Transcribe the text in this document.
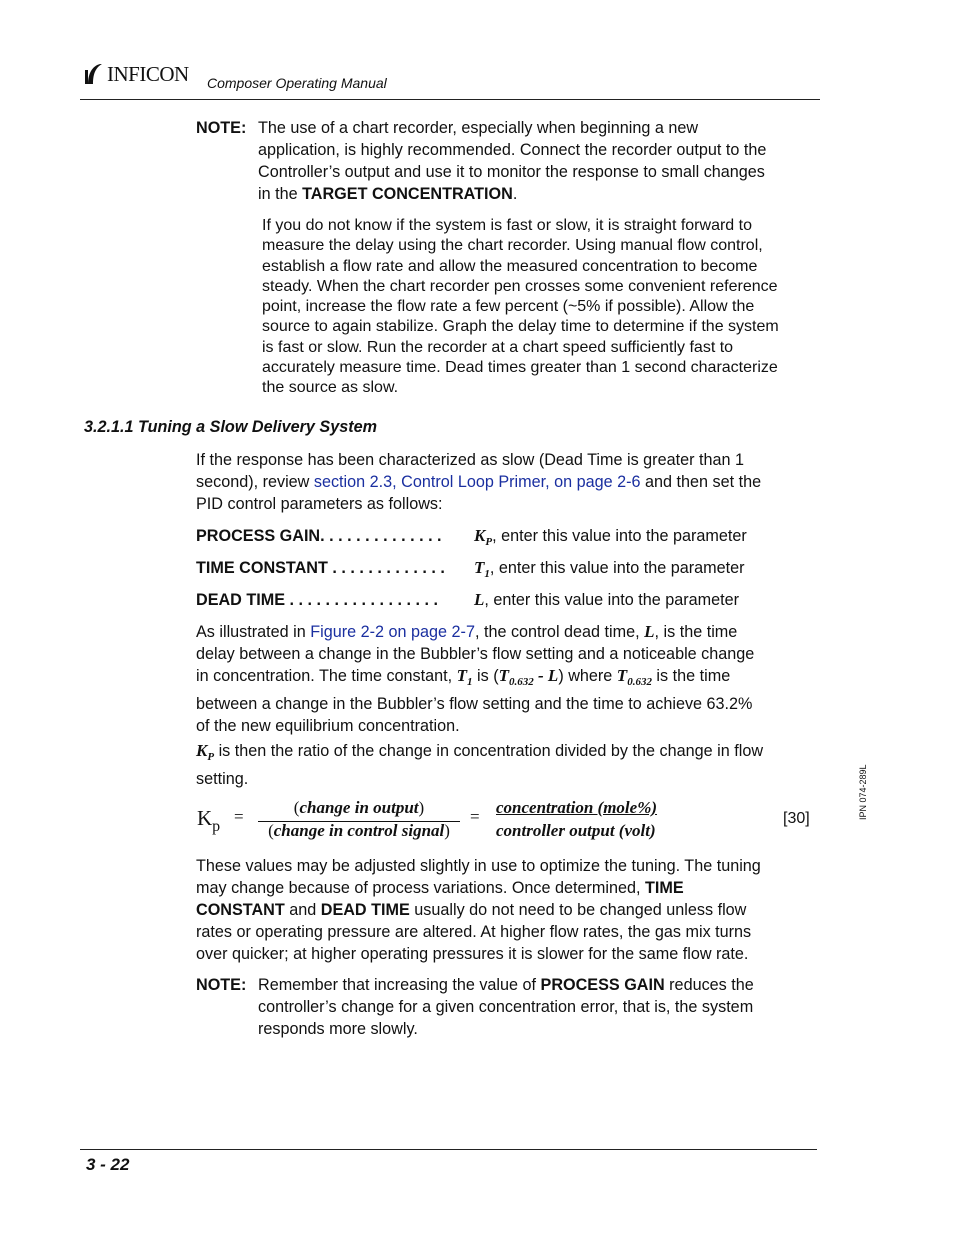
INFICON Composer Operating Manual
NOTE: The use of a chart recorder, especially when beginning a new
application, is highly recommended. Connect the recorder output to the
Controller’s output and use it to monitor the response to small changes
in the TARGET CONCENTRATION.
If you do not know if the system is fast or slow, it is straight forward to
measure the delay using the chart recorder. Using manual flow control,
establish a flow rate and allow the measured concentration to become
steady. When the chart recorder pen crosses some convenient reference
point, increase the flow rate a few percent (~5% if possible). Allow the
source to again stabilize. Graph the delay time to determine if the system
is fast or slow. Run the recorder at a chart speed sufficiently fast to
accurately measure time. Dead times greater than 1 second characterize
the source as slow.
3.2.1.1 Tuning a Slow Delivery System
If the response has been characterized as slow (Dead Time is greater than 1
second), review section 2.3, Control Loop Primer, on page 2-6 and then set the
PID control parameters as follows:
PROCESS GAIN. . . . . . . . . . . . . . $K_P$, enter this value into the parameter
TIME CONSTANT . . . . . . . . . . . . . $T_1$, enter this value into the parameter
DEAD TIME . . . . . . . . . . . . . . . . . L, enter this value into the parameter
As illustrated in Figure 2-2 on page 2-7, the control dead time, L, is the time
delay between a change in the Bubbler’s flow setting and a noticeable change
in concentration. The time constant, $T_1$ is $(T_{0.632} - L)$ where $T_{0.632}$ is the time
between a change in the Bubbler’s flow setting and the time to achieve 63.2%
of the new equilibrium concentration.
$K_P$ is then the ratio of the change in concentration divided by the change in flow
setting.
$K_p$
=	(change in output)
(change in control signal)
= concentration (mole%)
controller output (volt)
[30]
These values may be adjusted slightly in use to optimize the tuning. The tuning
may change because of process variations. Once determined, TIME
CONSTANT and DEAD TIME usually do not need to be changed unless flow
rates or operating pressure are altered. At higher flow rates, the gas mix turns
over quicker; at higher operating pressures it is slower for the same flow rate.
NOTE: Remember that increasing the value of PROCESS GAIN reduces the
controller’s change for a given concentration error, that is, the system
responds more slowly.
IPN 074-289L
3 - 22
